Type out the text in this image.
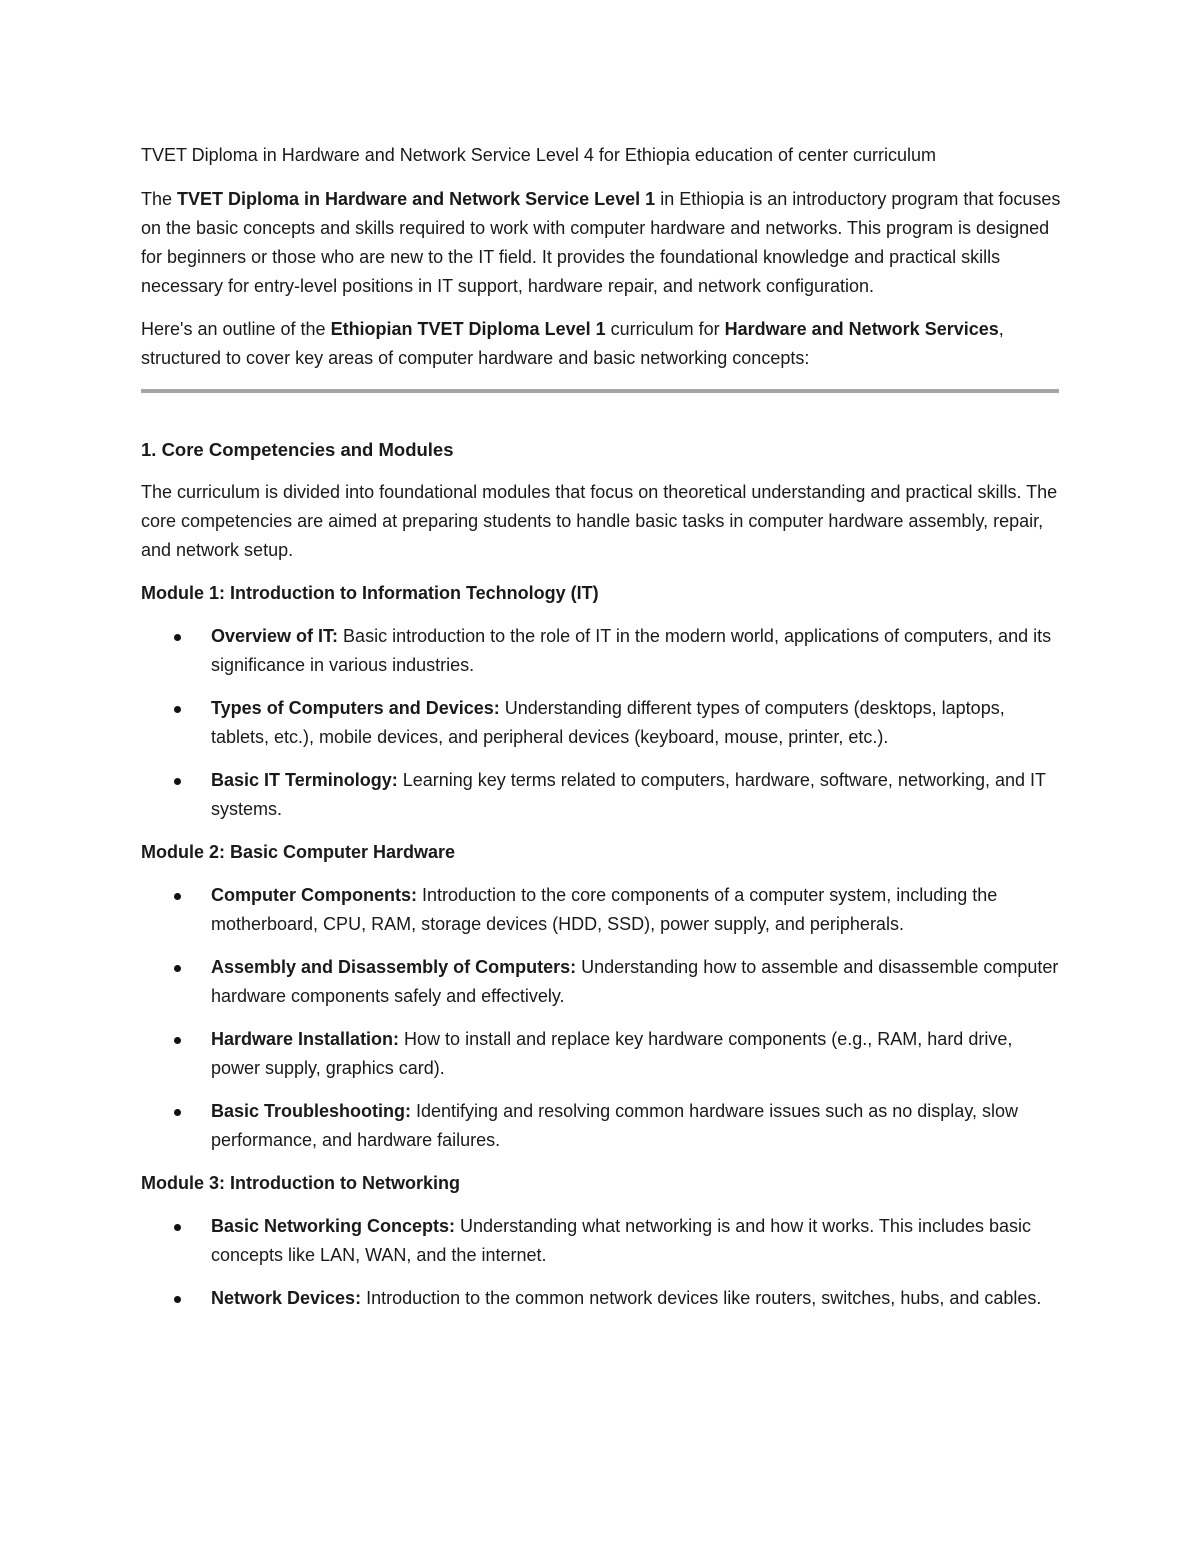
TVET Diploma in Hardware and Network Service Level 4 for Ethiopia education of center curriculum

The TVET Diploma in Hardware and Network Service Level 1 in Ethiopia is an introductory program that focuses on the basic concepts and skills required to work with computer hardware and networks. This program is designed for beginners or those who are new to the IT field. It provides the foundational knowledge and practical skills necessary for entry-level positions in IT support, hardware repair, and network configuration.

Here's an outline of the Ethiopian TVET Diploma Level 1 curriculum for Hardware and Network Services, structured to cover key areas of computer hardware and basic networking concepts:

1. Core Competencies and Modules

The curriculum is divided into foundational modules that focus on theoretical understanding and practical skills. The core competencies are aimed at preparing students to handle basic tasks in computer hardware assembly, repair, and network setup.

Module 1: Introduction to Information Technology (IT)

Overview of IT: Basic introduction to the role of IT in the modern world, applications of computers, and its significance in various industries.
Types of Computers and Devices: Understanding different types of computers (desktops, laptops, tablets, etc.), mobile devices, and peripheral devices (keyboard, mouse, printer, etc.).
Basic IT Terminology: Learning key terms related to computers, hardware, software, networking, and IT systems.

Module 2: Basic Computer Hardware

Computer Components: Introduction to the core components of a computer system, including the motherboard, CPU, RAM, storage devices (HDD, SSD), power supply, and peripherals.
Assembly and Disassembly of Computers: Understanding how to assemble and disassemble computer hardware components safely and effectively.
Hardware Installation: How to install and replace key hardware components (e.g., RAM, hard drive, power supply, graphics card).
Basic Troubleshooting: Identifying and resolving common hardware issues such as no display, slow performance, and hardware failures.

Module 3: Introduction to Networking

Basic Networking Concepts: Understanding what networking is and how it works. This includes basic concepts like LAN, WAN, and the internet.
Network Devices: Introduction to the common network devices like routers, switches, hubs, and cables.
